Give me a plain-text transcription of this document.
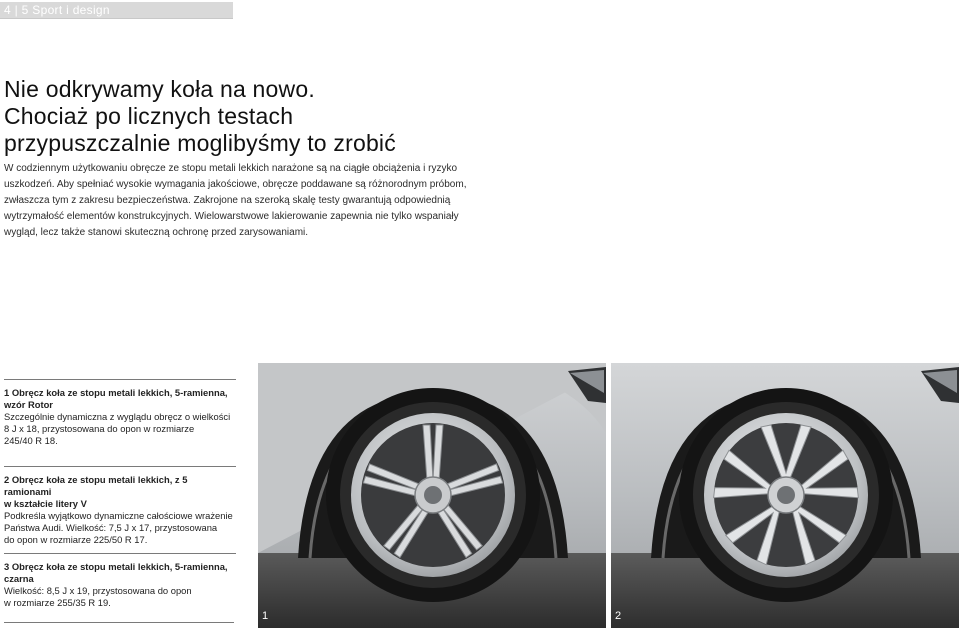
4 | 5 Sport i design
Nie odkrywamy koła na nowo.
Chociaż po licznych testach
przypuszczalnie moglibyśmy to zrobić

W codziennym użytkowaniu obręcze ze stopu metali lekkich narażone są na ciągłe obciążenia i ryzyko
uszkodzeń. Aby spełniać wysokie wymagania jakościowe, obręcze poddawane są różnorodnym próbom,
zwłaszcza tym z zakresu bezpieczeństwa. Zakrojone na szeroką skalę testy gwarantują odpowiednią
wytrzymałość elementów konstrukcyjnych. Wielowarstwowe lakierowanie zapewnia nie tylko wspaniały
wygląd, lecz także stanowi skuteczną ochronę przed zarysowaniami.

1 Obręcz koła ze stopu metali lekkich, 5-ramienna,
wzór Rotor
Szczególnie dynamiczna z wyglądu obręcz o wielkości
8 J x 18, przystosowana do opon w rozmiarze
245/40 R 18.
2 Obręcz koła ze stopu metali lekkich, z 5 ramionami
w kształcie litery V
Podkreśla wyjątkowo dynamiczne całościowe wrażenie
Państwa Audi. Wielkość: 7,5 J x 17, przystosowana
do opon w rozmiarze 225/50 R 17.
3 Obręcz koła ze stopu metali lekkich, 5-ramienna,
czarna
Wielkość: 8,5 J x 19, przystosowana do opon
w rozmiarze 255/35 R 19.
1	2
